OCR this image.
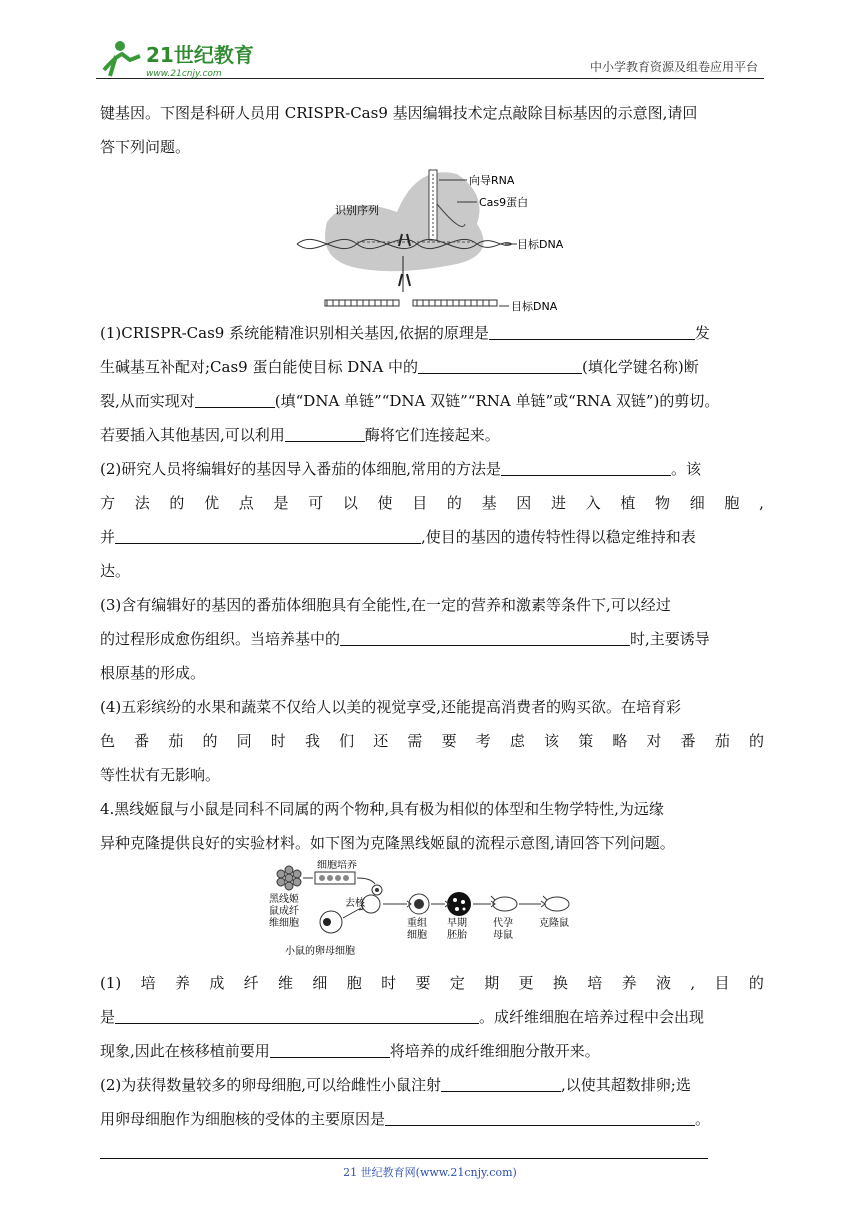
21世纪教育
www.21cnjy.com	中小学教育资源及组卷应用平台

键基因。下图是科研人员用 CRISPR-Cas9 基因编辑技术定点敲除目标基因的示意图,请回

答下列问题。

向导RNA
Cas9蛋白
识别序列
目标DNA
目标DNA

(1)CRISPR-Cas9 系统能精准识别相关基因,依据的原理是	发

生碱基互补配对;Cas9 蛋白能使目标 DNA 中的	(填化学键名称)断

裂,从而实现对	(填“DNA 单链”“DNA 双链”“RNA 单链”或“RNA 双链”)的剪切。

若要插入其他基因,可以利用	酶将它们连接起来。

(2)研究人员将编辑好的基因导入番茄的体细胞,常用的方法是	。该

方 法 的 优 点 是 可 以 使 目 的 基 因 进 入 植 物 细 胞 ,

并	,使目的基因的遗传特性得以稳定维持和表

达。

(3)含有编辑好的基因的番茄体细胞具有全能性,在一定的营养和激素等条件下,可以经过

的过程形成愈伤组织。当培养基中的	时,主要诱导

根原基的形成。

(4)五彩缤纷的水果和蔬菜不仅给人以美的视觉享受,还能提高消费者的购买欲。在培育彩

色 番 茄 的 同 时 我 们 还 需 要 考 虑 该 策 略 对 番 茄 的

等性状有无影响。

4.黑线姬鼠与小鼠是同科不同属的两个物种,具有极为相似的体型和生物学特性,为远缘

异种克隆提供良好的实验材料。如下图为克隆黑线姬鼠的流程示意图,请回答下列问题。

细胞培养
黑线姬
鼠成纤
维细胞
去核
小鼠的卵母细胞
重组
细胞
早期
胚胎
代孕
母鼠
克隆鼠
(1) 培 养 成 纤 维 细 胞 时 要 定 期 更 换 培 养 液 , 目 的

是	。成纤维细胞在培养过程中会出现

现象,因此在核移植前要用	将培养的成纤维细胞分散开来。

(2)为获得数量较多的卵母细胞,可以给雌性小鼠注射	,以使其超数排卵;选

用卵母细胞作为细胞核的受体的主要原因是	。

21 世纪教育网(www.21cnjy.com)
